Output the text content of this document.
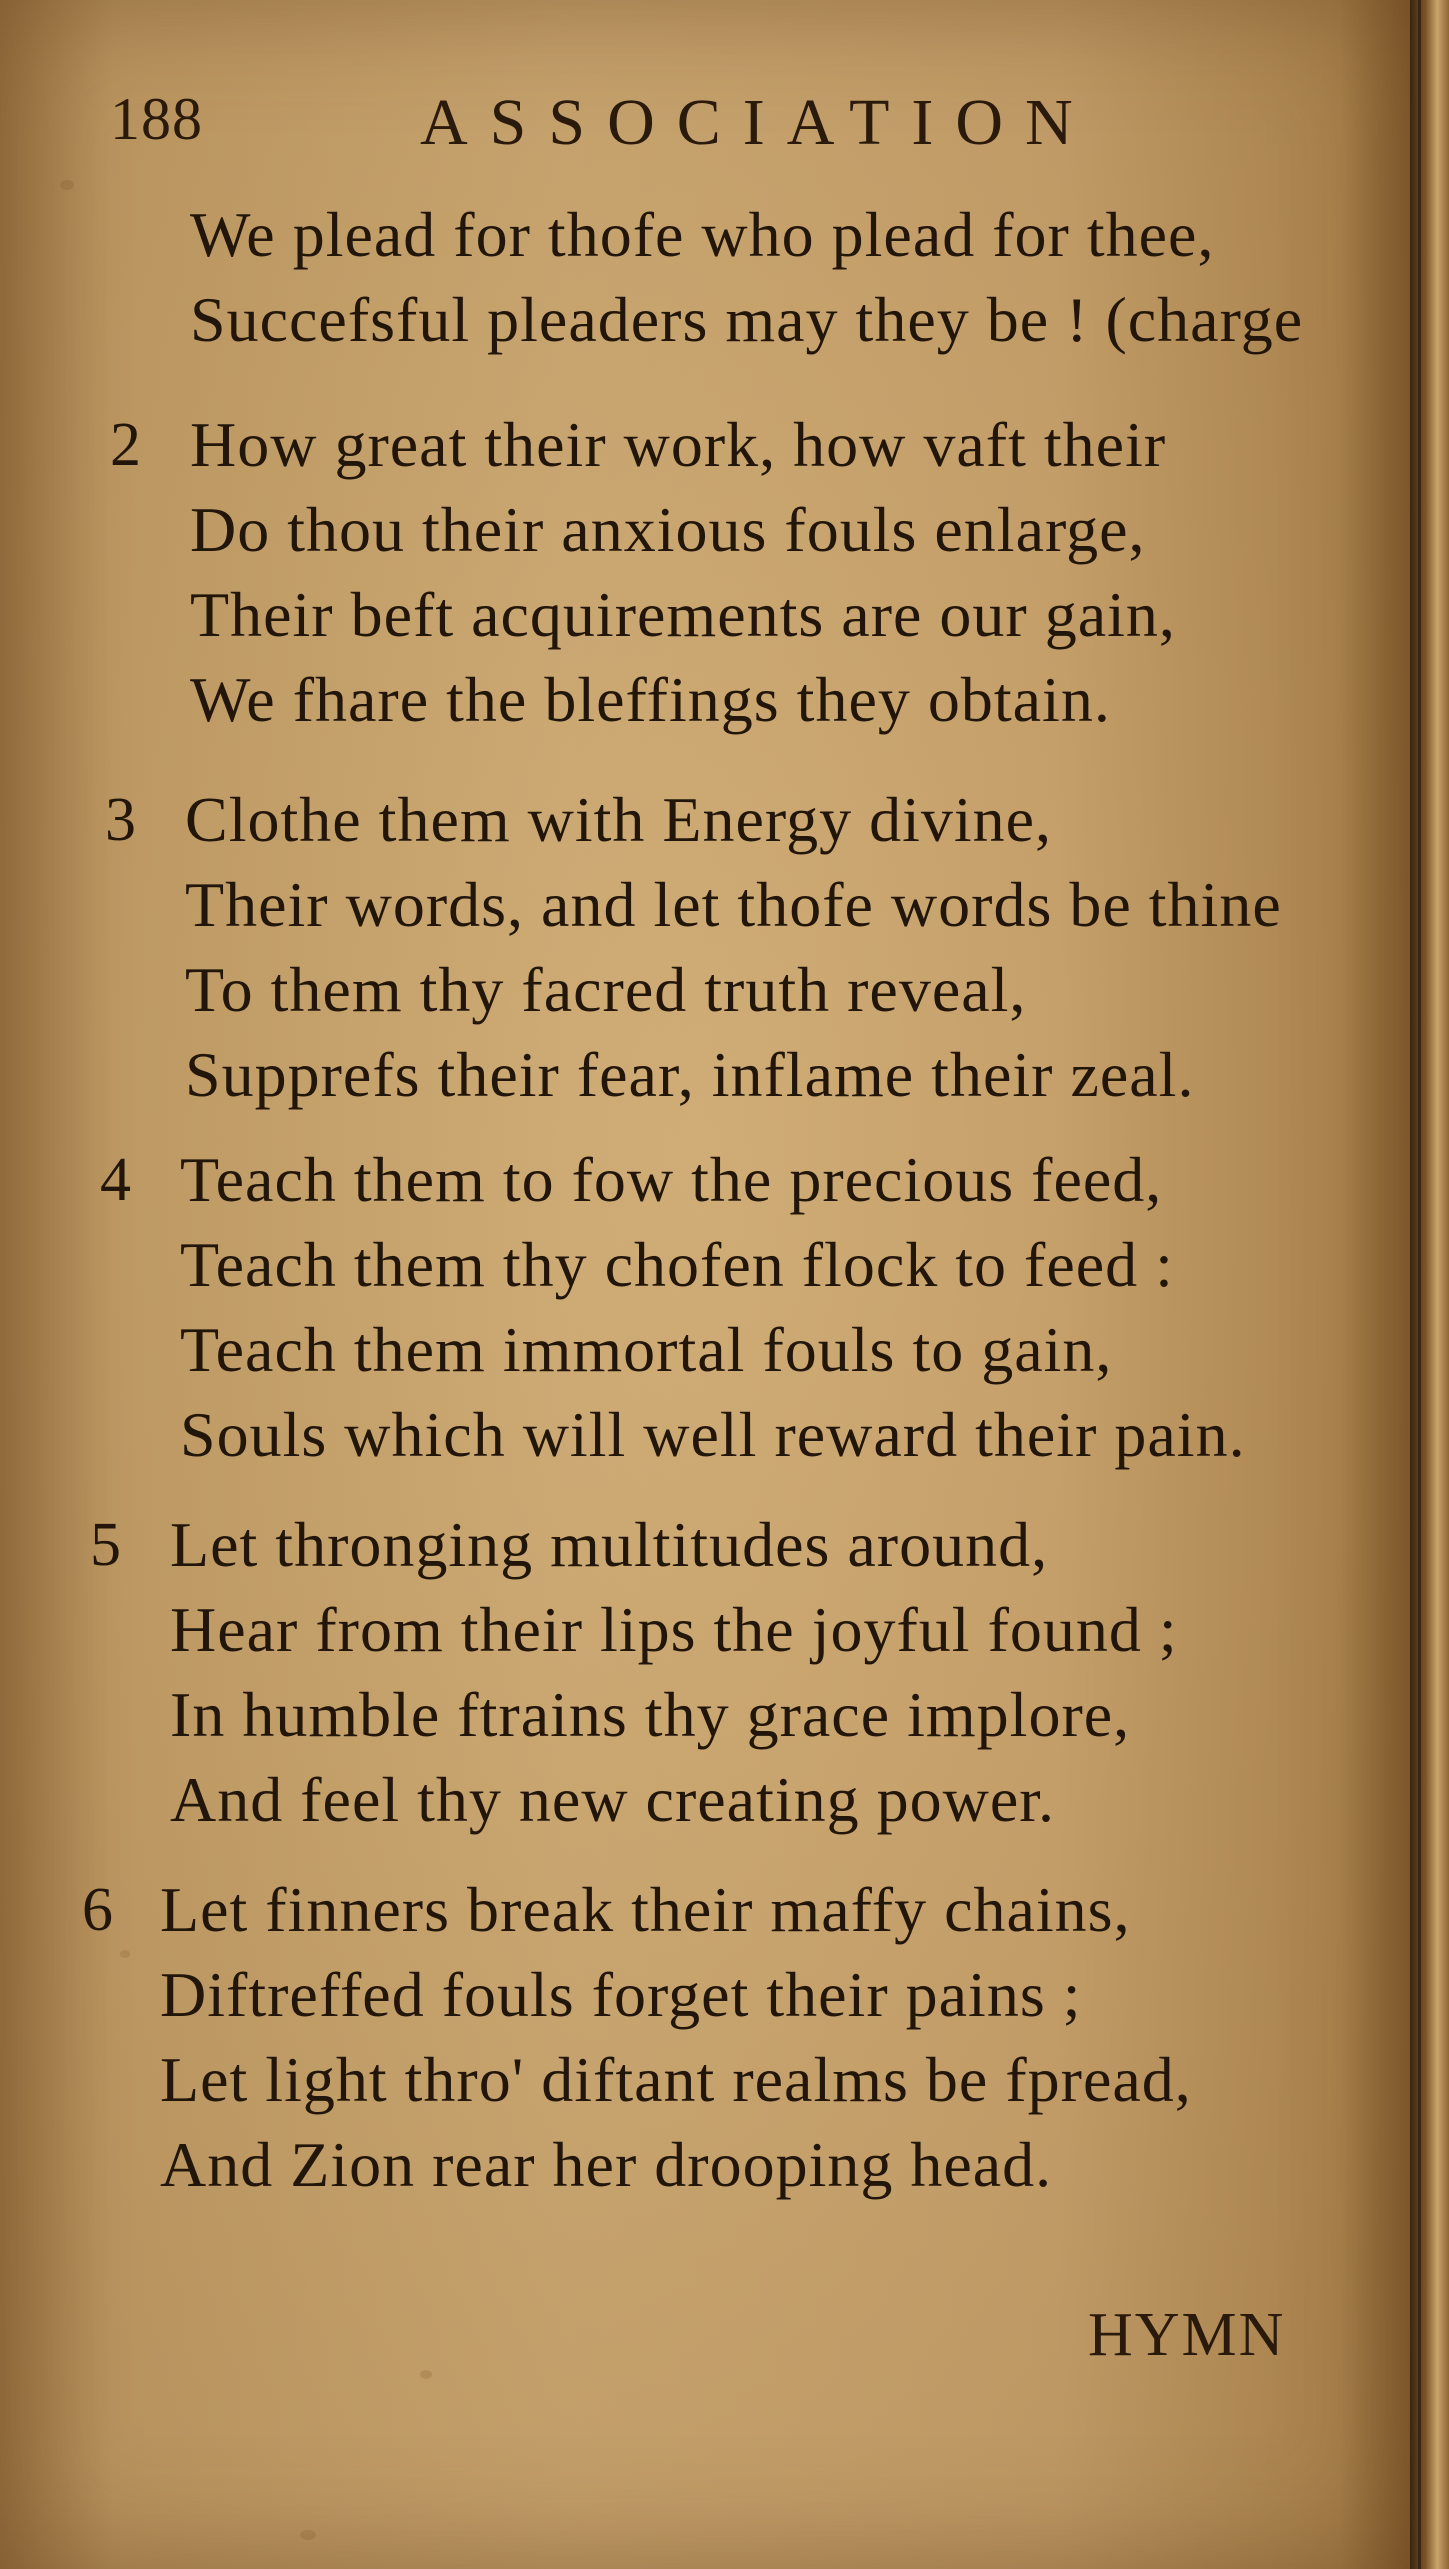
188	ASSOCIATION
We plead for thofe who plead for thee,
Succefsful pleaders may they be ! (charge
2 How great their work, how vaft their
Do thou their anxious fouls enlarge,
Their beft acquirements are our gain,
We fhare the bleffings they obtain.
3 Clothe them with Energy divine,
Their words, and let thofe words be thine
To them thy facred truth reveal,
Supprefs their fear, inflame their zeal.
4 Teach them to fow the precious feed,
Teach them thy chofen flock to feed :
Teach them immortal fouls to gain,
Souls which will well reward their pain.
5 Let thronging multitudes around,
Hear from their lips the joyful found ;
In humble ftrains thy grace implore,
And feel thy new creating power.
6 Let finners break their maffy chains,
Diftreffed fouls forget their pains ;
Let light thro' diftant realms be fpread,
And Zion rear her drooping head.
HYMN
